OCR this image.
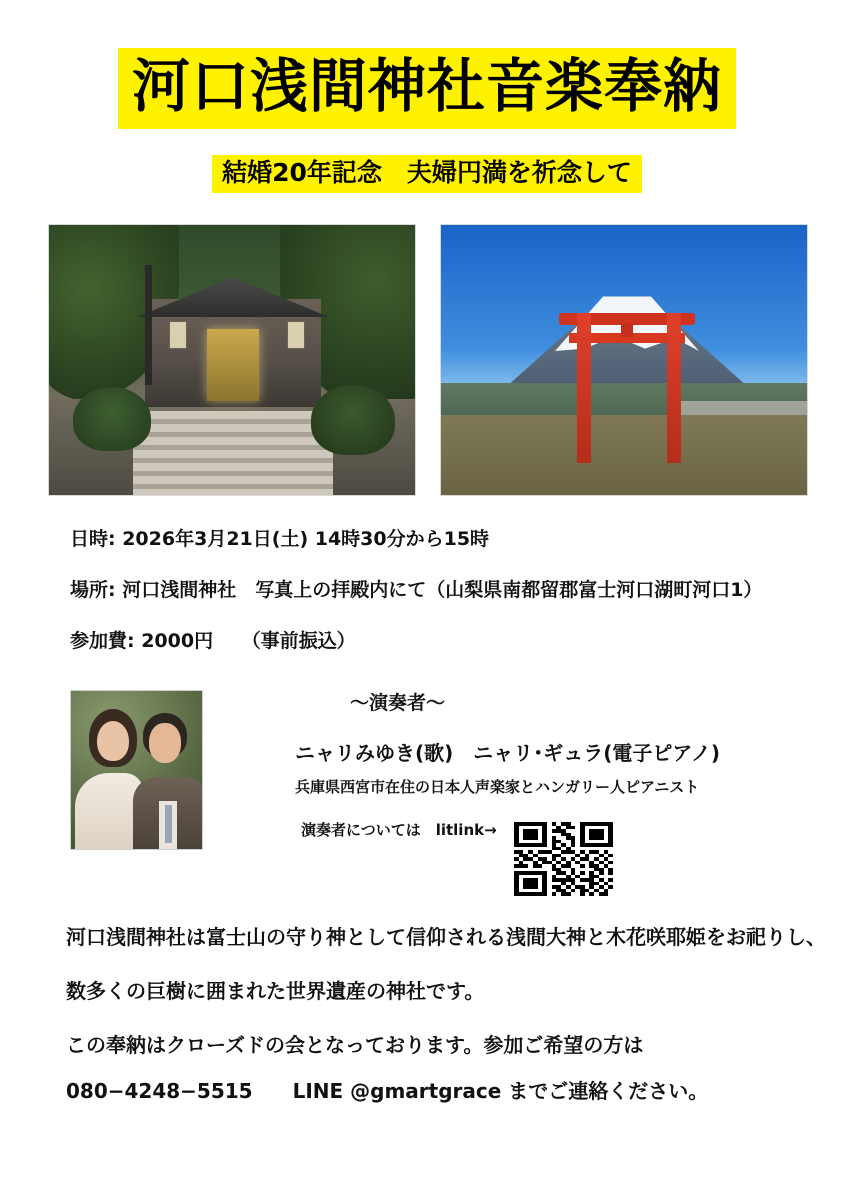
河口浅間神社音楽奉納
結婚20年記念　夫婦円満を祈念して
日時: 2026年3月21日(土) 14時30分から15時
場所: 河口浅間神社　写真上の拝殿内にて（山梨県南都留郡富士河口湖町河口1）
参加費: 2000円　　（事前振込）
〜演奏者〜
ニャリみゆき(歌)　ニャリ･ギュラ(電子ピアノ)
兵庫県西宮市在住の日本人声楽家とハンガリー人ピアニスト
演奏者については　litlink→
河口浅間神社は富士山の守り神として信仰される浅間大神と木花咲耶姫をお祀りし、
数多くの巨樹に囲まれた世界遺産の神社です。
この奉納はクローズドの会となっております。参加ご希望の方は
080−4248−5515　　LINE @gmartgrace までご連絡ください。
